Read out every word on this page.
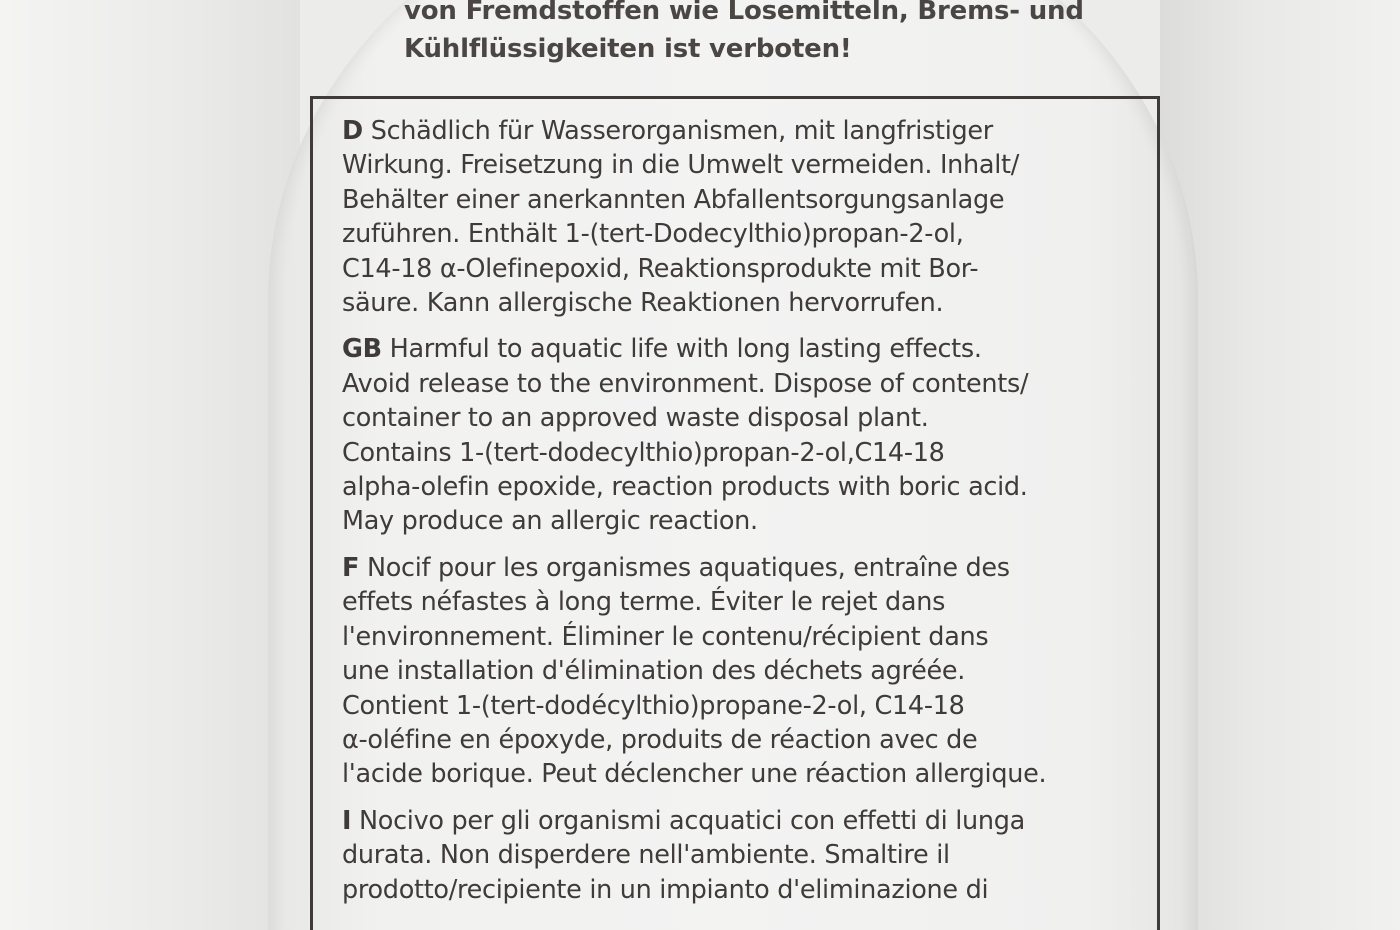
von Fremdstoffen wie Losemitteln, Brems- und
Kühlflüssigkeiten ist verboten!
D Schädlich für Wasserorganismen, mit langfristiger
Wirkung. Freisetzung in die Umwelt vermeiden. Inhalt/
Behälter einer anerkannten Abfallentsorgungsanlage
zuführen. Enthält 1-(tert-Dodecylthio)propan-2-ol,
C14-18 α-Olefinepoxid, Reaktionsprodukte mit Bor-
säure. Kann allergische Reaktionen hervorrufen.
GB Harmful to aquatic life with long lasting effects.
Avoid release to the environment. Dispose of contents/
container to an approved waste disposal plant.
Contains 1-(tert-dodecylthio)propan-2-ol,C14-18
alpha-olefin epoxide, reaction products with boric acid.
May produce an allergic reaction.
F Nocif pour les organismes aquatiques, entraîne des
effets néfastes à long terme. Éviter le rejet dans
l'environnement. Éliminer le contenu/récipient dans
une installation d'élimination des déchets agréée.
Contient 1-(tert-dodécylthio)propane-2-ol, C14-18
α-oléfine en époxyde, produits de réaction avec de
l'acide borique. Peut déclencher une réaction allergique.
I Nocivo per gli organismi acquatici con effetti di lunga
durata. Non disperdere nell'ambiente. Smaltire il
prodotto/recipiente in un impianto d'eliminazione di
